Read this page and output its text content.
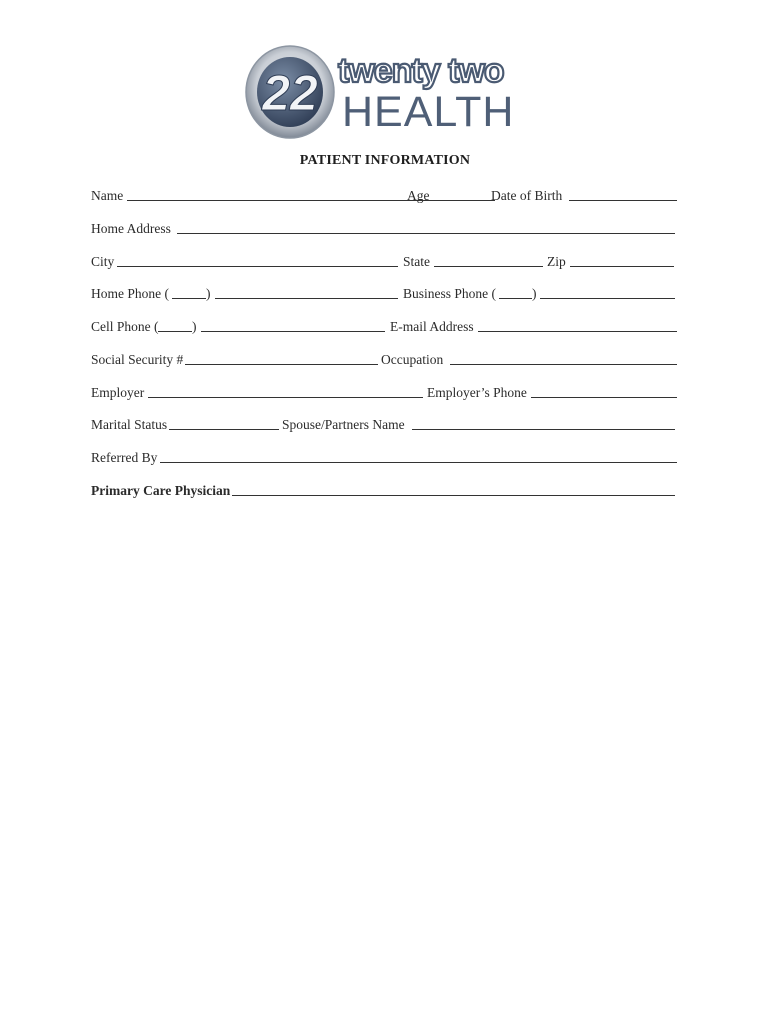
22 twenty two
HEALTH
PATIENT INFORMATION
Name	Age	Date of Birth
Home Address
City	State	Zip
Home Phone (	)	Business Phone (	)
Cell Phone ( )	E-mail Address
Social Security #	Occupation
Employer	Employer’s Phone
Marital Status	Spouse/Partners Name
Referred By
Primary Care Physician
